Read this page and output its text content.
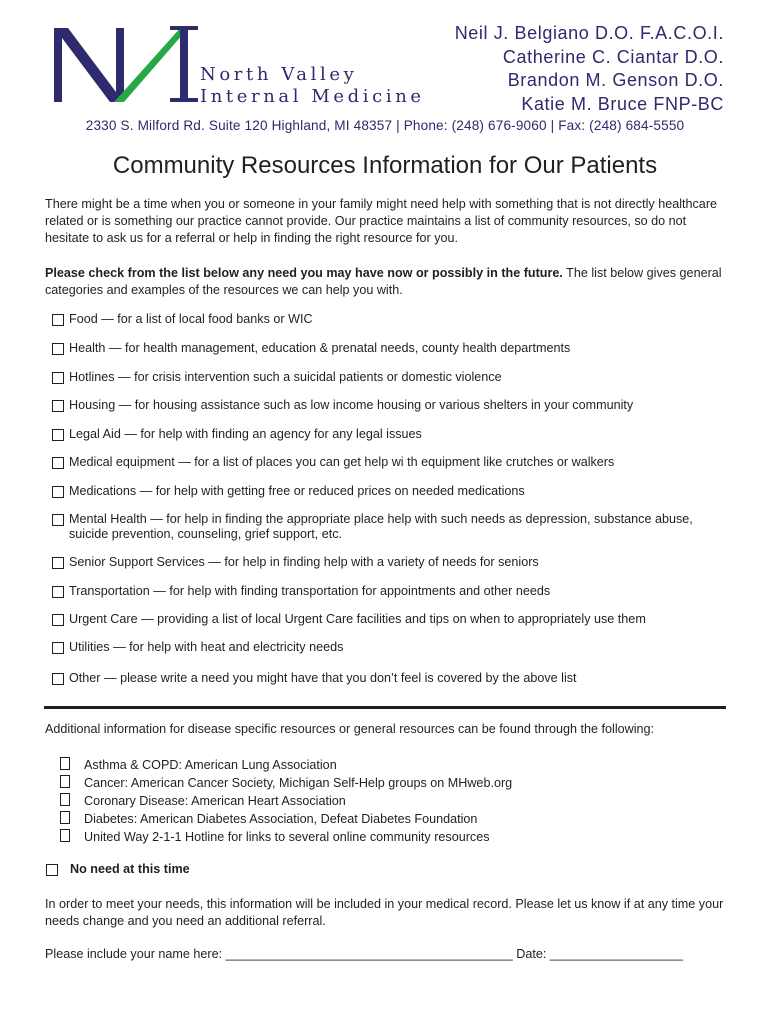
North Valley
Internal Medicine
Neil J. Belgiano D.O. F.A.C.O.I.
Catherine C. Ciantar D.O.
Brandon M. Genson D.O.
Katie M. Bruce FNP-BC
2330 S. Milford Rd. Suite 120 Highland, MI 48357 | Phone: (248) 676-9060 | Fax: (248) 684-5550
Community Resources Information for Our Patients
There might be a time when you or someone in your family might need help with something that is not directly healthcare related or is something our practice cannot provide. Our practice maintains a list of community resources, so do not hesitate to ask us for a referral or help in finding the right resource for you.
Please check from the list below any need you may have now or possibly in the future. The list below gives general categories and examples of the resources we can help you with.
Food — for a list of local food banks or WIC
Health — for health management, education & prenatal needs, county health departments
Hotlines — for crisis intervention such a suicidal patients or domestic violence
Housing — for housing assistance such as low income housing or various shelters in your community
Legal Aid — for help with finding an agency for any legal issues
Medical equipment — for a list of places you can get help wi th equipment like crutches or walkers
Medications — for help with getting free or reduced prices on needed medications
Mental Health — for help in finding the appropriate place help with such needs as depression, substance abuse, suicide prevention, counseling, grief support, etc.
Senior Support Services — for help in finding help with a variety of needs for seniors
Transportation — for help with finding transportation for appointments and other needs
Urgent Care — providing a list of local Urgent Care facilities and tips on when to appropriately use them
Utilities — for help with heat and electricity needs
Other — please write a need you might have that you don’t feel is covered by the above list
Additional information for disease specific resources or general resources can be found through the following:
Asthma & COPD: American Lung Association
Cancer: American Cancer Society, Michigan Self-Help groups on MHweb.org
Coronary Disease: American Heart Association
Diabetes: American Diabetes Association, Defeat Diabetes Foundation
United Way 2-1-1 Hotline for links to several online community resources
No need at this time
In order to meet your needs, this information will be included in your medical record. Please let us know if at any time your needs change and you need an additional referral.
Please include your name here: _________________________________________ Date: ___________________
